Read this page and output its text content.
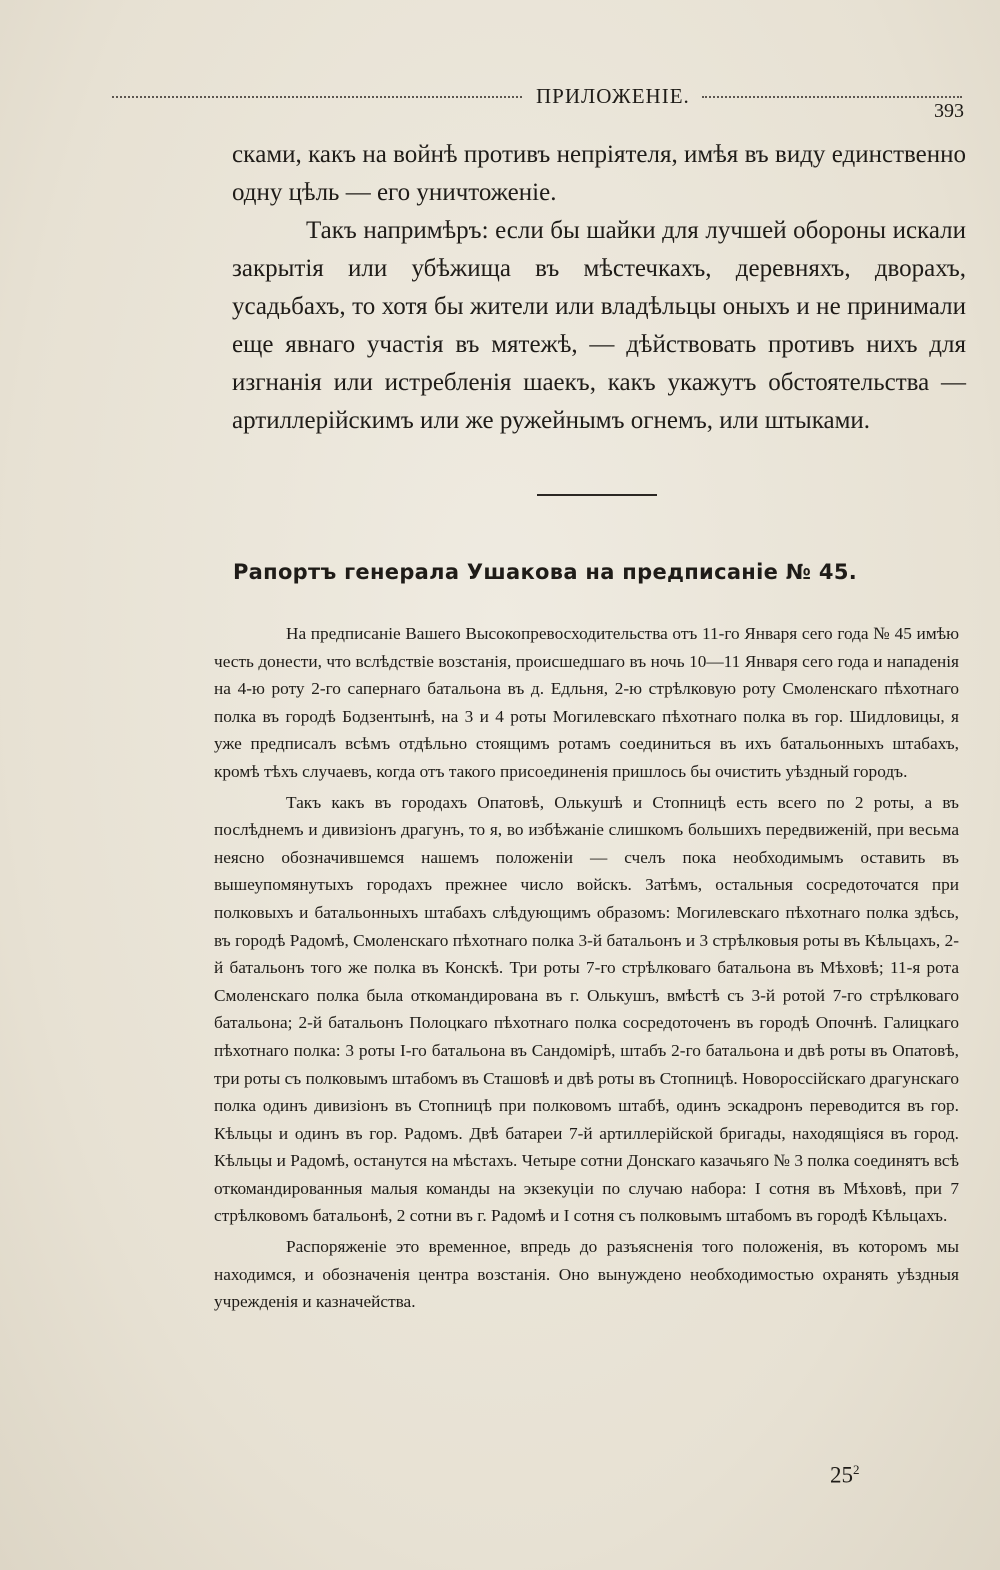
ПРИЛОЖЕНІЕ.
393

скaми, какъ на войнѣ противъ непріятеля, имѣя въ виду единственно одну цѣль — его уничтоженіе.

Такъ напримѣръ: если бы шайки для лучшей обороны искали закрытія или убѣжища въ мѣстечкахъ, деревняхъ, дворахъ, усадьбахъ, то хотя бы жители или владѣльцы оныхъ и не принимали еще явнаго участія въ мятежѣ, — дѣйствовать противъ нихъ для изгнанія или истребленія шаекъ, какъ укажутъ обстоятельства — артиллерійскимъ или же ружейнымъ огнемъ, или штыками.

Рапортъ генерала Ушакова на предписаніе № 45.

На предписаніе Вашего Высокопревосходительства отъ 11-го Января сего года № 45 имѣю честь донести, что вслѣдствіе возстанія, происшедшаго въ ночь 10—11 Января сего года и нападенія на 4-ю роту 2-го сапернаго батальона въ д. Едльня, 2-ю стрѣлковую роту Смоленскаго пѣхотнаго полка въ городѣ Бодзентынѣ, на 3 и 4 роты Могилевскаго пѣхотнаго полка въ гор. Шидловицы, я уже предписалъ всѣмъ отдѣльно стоящимъ ротамъ соединиться въ ихъ батальонныхъ штабахъ, кромѣ тѣхъ случаевъ, когда отъ такого присоединенія пришлось бы очистить уѣздный городъ.

Такъ какъ въ городахъ Опатовѣ, Олькушѣ и Стопницѣ есть всего по 2 роты, а въ послѣднемъ и дивизіонъ драгунъ, то я, во избѣжаніе слишкомъ большихъ передвиженій, при весьма неясно обозначившемся нашемъ положеніи — счелъ пока необходимымъ оставить въ вышеупомянутыхъ городахъ прежнее число войскъ. Затѣмъ, остальныя сосредоточатся при полковыхъ и батальонныхъ штабахъ слѣдующимъ образомъ: Могилевскаго пѣхотнаго полка здѣсь, въ городѣ Радомѣ, Смоленскаго пѣхотнаго полка 3-й батальонъ и 3 стрѣлковыя роты въ Кѣльцахъ, 2-й батальонъ того же полка въ Конскѣ. Три роты 7-го стрѣлковаго батальона въ Мѣховѣ; 11-я рота Смоленскаго полка была откомандирована въ г. Олькушъ, вмѣстѣ съ 3-й ротой 7-го стрѣлковаго батальона; 2-й батальонъ Полоцкаго пѣхотнаго полка сосредоточенъ въ городѣ Опочнѣ. Галицкаго пѣхотнаго полка: 3 роты I-го батальона въ Сандомірѣ, штабъ 2-го батальона и двѣ роты въ Опатовѣ, три роты съ полковымъ штабомъ въ Сташовѣ и двѣ роты въ Стопницѣ. Новороссійскаго драгунскаго полка одинъ дивизіонъ въ Стопницѣ при полковомъ штабѣ, одинъ эскадронъ переводится въ гор. Кѣльцы и одинъ въ гор. Радомъ. Двѣ батареи 7-й артиллерійской бригады, находящіяся въ город. Кѣльцы и Радомѣ, останутся на мѣстахъ. Четыре сотни Донскаго казачьяго № 3 полка соединятъ всѣ откомандированныя малыя команды на экзекуціи по случаю набора: I сотня въ Мѣховѣ, при 7 стрѣлковомъ батальонѣ, 2 сотни въ г. Радомѣ и I сотня съ полковымъ штабомъ въ городѣ Кѣльцахъ.

Распоряженіе это временное, впредь до разъясненія того положенія, въ которомъ мы находимся, и обозначенія центра возстанія. Оно вынуждено необходимостью охранять уѣздныя учрежденія и казначейства.

$25^2$
